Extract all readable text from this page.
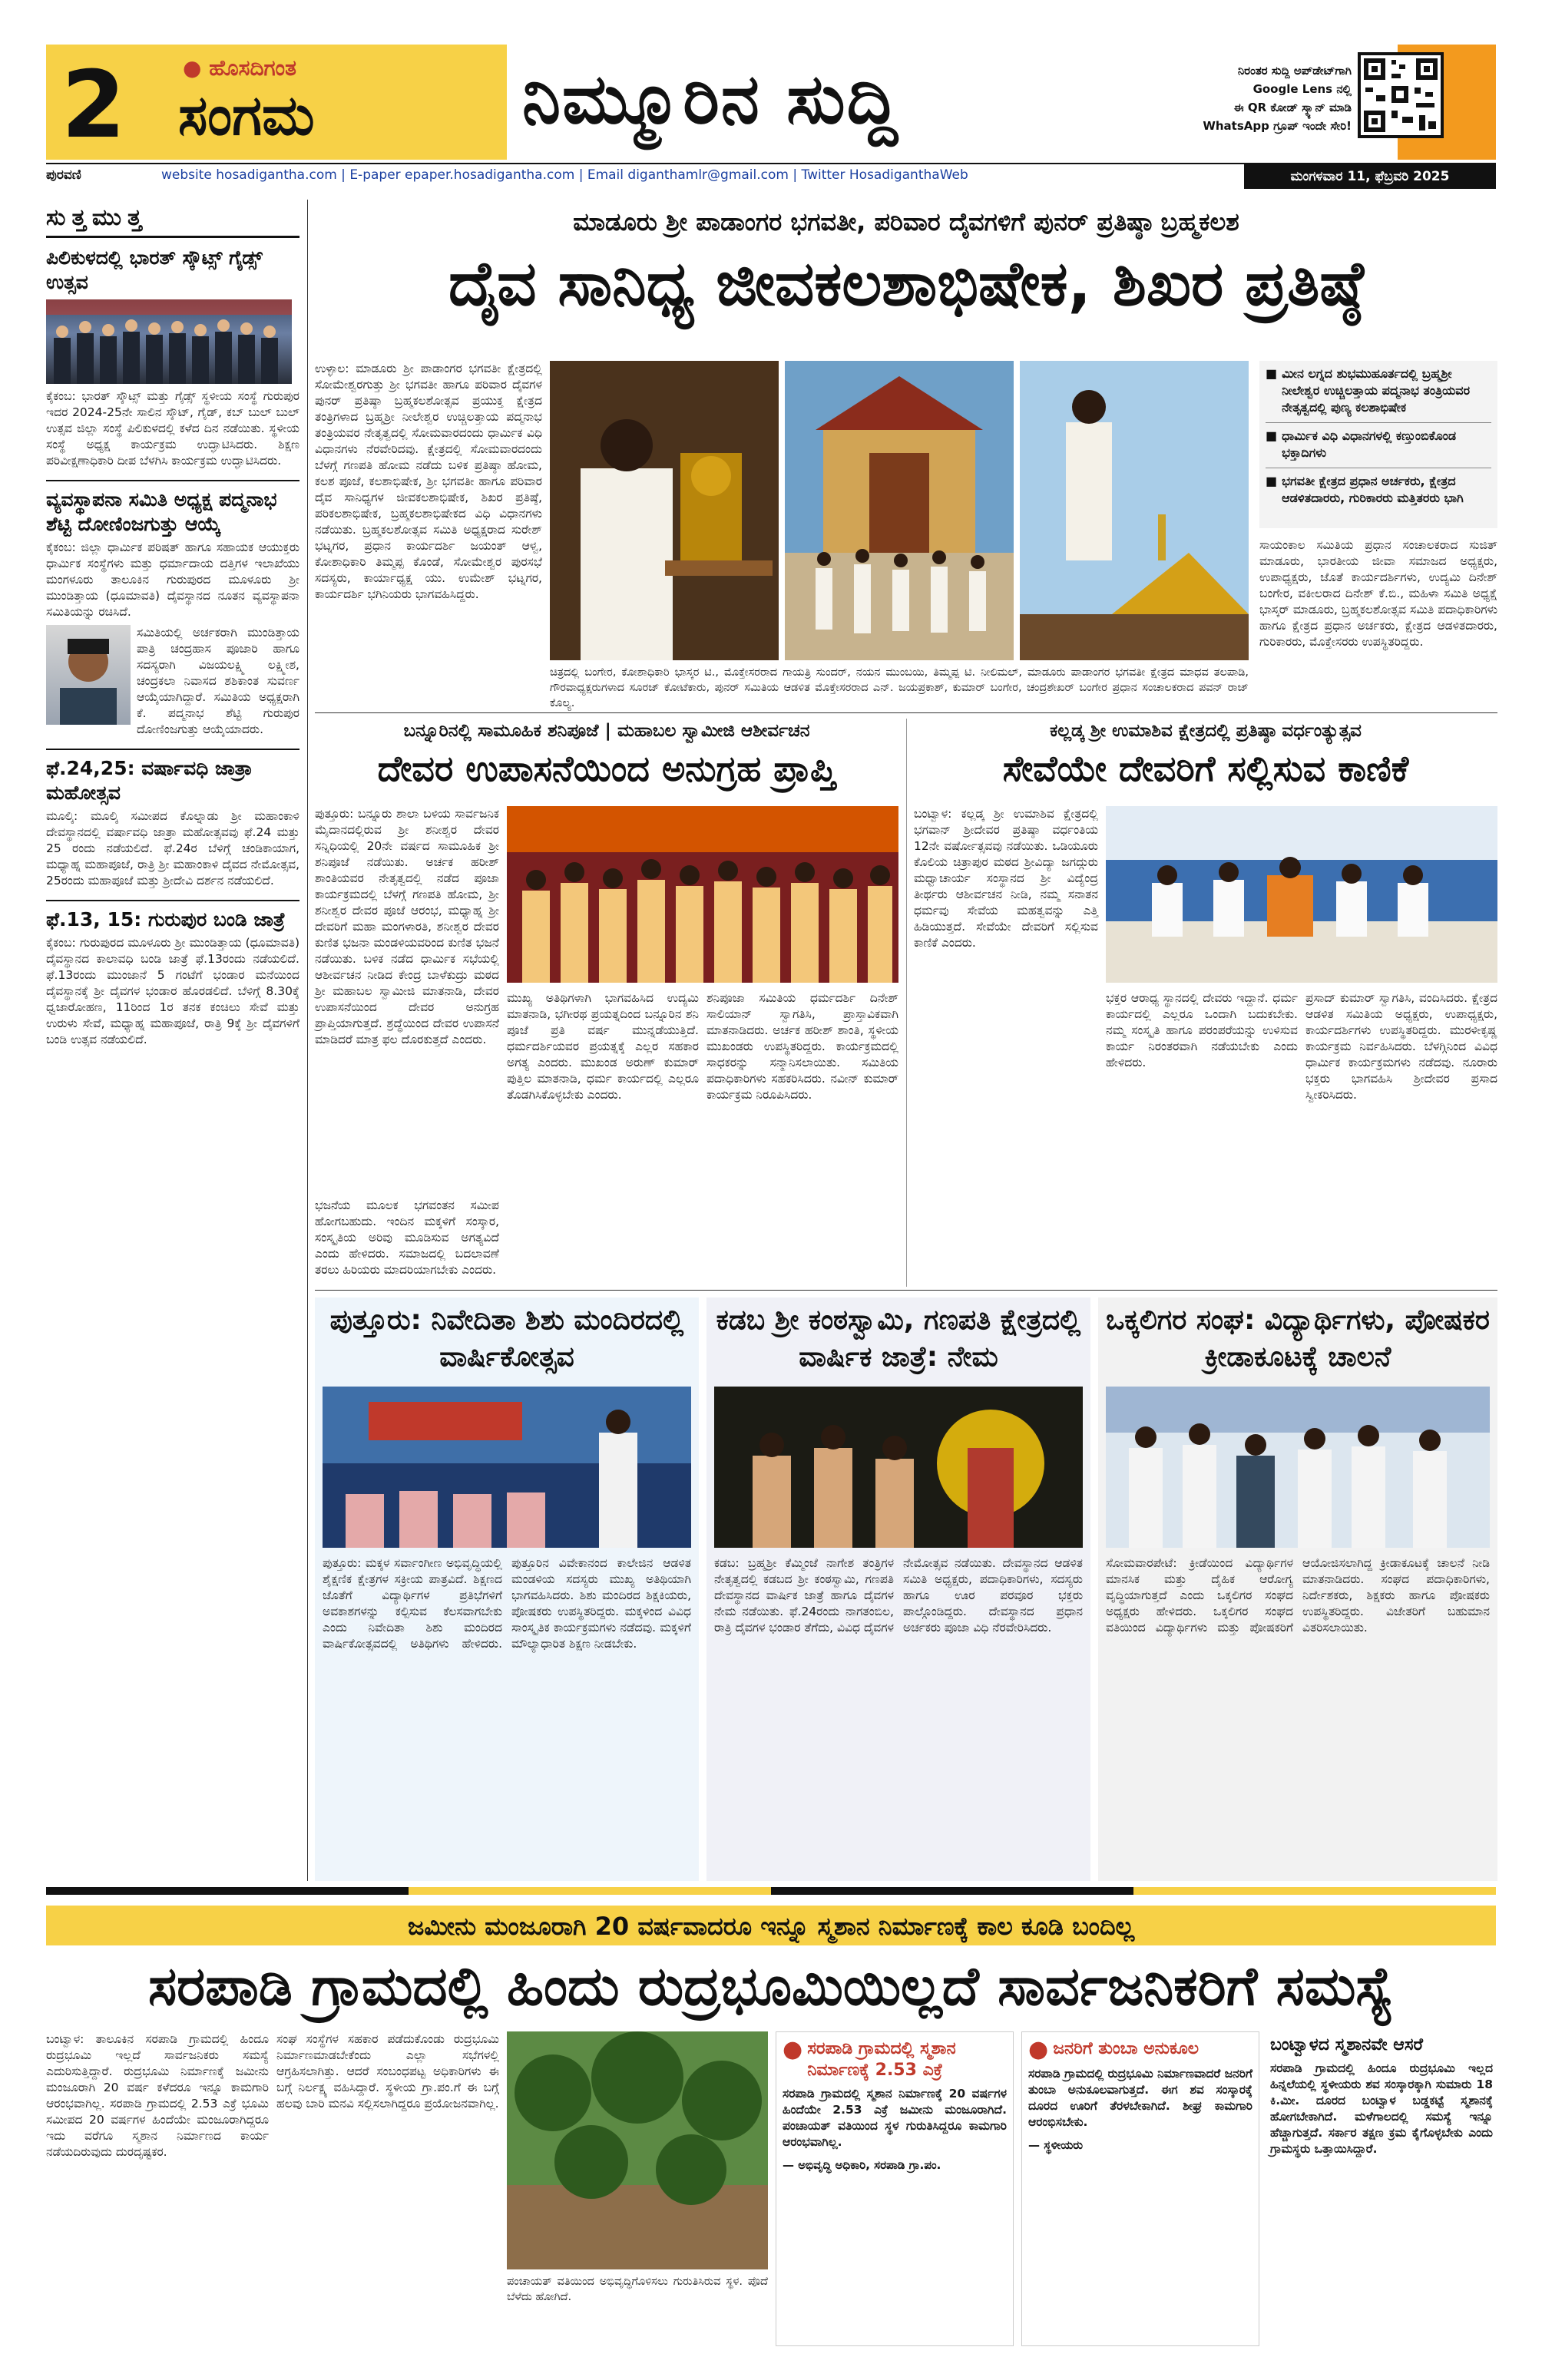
2	● ಹೊಸದಿಗಂತ
ಸಂಗಮ	ನಿಮ್ಮೂರಿನ ಸುದ್ದಿ	ನಿರಂತರ ಸುದ್ದಿ ಅಪ್‌ಡೇಟ್‌ಗಾಗಿ
Google Lens ನಲ್ಲಿ
ಈ QR ಕೋಡ್ ಸ್ಕ್ಯಾನ್ ಮಾಡಿ
WhatsApp ಗ್ರೂಪ್ ಇಂದೇ ಸೇರಿ!
ಪುರವಣಿ	website hosadigantha.com | E-paper epaper.hosadigantha.com | Email diganthamlr@gmail.com | Twitter HosadiganthaWeb	ಮಂಗಳವಾರ 11, ಫೆಬ್ರವರಿ 2025
ಸುತ್ತಮುತ್ತ
ಪಿಲಿಕುಳದಲ್ಲಿ ಭಾರತ್ ಸ್ಕೌಟ್ಸ್ ಗೈಡ್ಸ್ ಉತ್ಸವ
ಕೈಕಂಬ: ಭಾರತ್ ಸ್ಕೌಟ್ಸ್ ಮತ್ತು ಗೈಡ್ಸ್ ಸ್ಥಳೀಯ ಸಂಸ್ಥೆ ಗುರುಪುರ ಇದರ 2024-25ನೇ ಸಾಲಿನ ಸ್ಕೌಟ್, ಗೈಡ್, ಕಬ್ ಬುಲ್ ಬುಲ್ ಉತ್ಸವ ಜಿಲ್ಲಾ ಸಂಸ್ಥೆ ಪಿಲಿಕುಳದಲ್ಲಿ ಕಳೆದ ದಿನ ನಡೆಯಿತು. ಸ್ಥಳೀಯ ಸಂಸ್ಥೆ ಅಧ್ಯಕ್ಷ ಕಾರ್ಯಕ್ರಮ ಉದ್ಘಾಟಿಸಿದರು. ಶಿಕ್ಷಣ ಪರಿವೀಕ್ಷಣಾಧಿಕಾರಿ ದೀಪ ಬೆಳಗಿಸಿ ಕಾರ್ಯಕ್ರಮ ಉದ್ಘಾಟಿಸಿದರು.
ವ್ಯವಸ್ಥಾಪನಾ ಸಮಿತಿ ಅಧ್ಯಕ್ಷ ಪದ್ಮನಾಭ ಶೆಟ್ಟಿ ದೋಣಿಂಜಗುತ್ತು ಆಯ್ಕೆ
ಕೈಕಂಬ: ಜಿಲ್ಲಾ ಧಾರ್ಮಿಕ ಪರಿಷತ್ ಹಾಗೂ ಸಹಾಯಕ ಆಯುಕ್ತರು ಧಾರ್ಮಿಕ ಸಂಸ್ಥೆಗಳು ಮತ್ತು ಧರ್ಮಾದಾಯ ದತ್ತಿಗಳ ಇಲಾಖೆಯು ಮಂಗಳೂರು ತಾಲೂಕಿನ ಗುರುಪುರದ ಮೂಳೂರು ಶ್ರೀ ಮುಂಡಿತ್ತಾಯ (ಧೂಮಾವತಿ) ದೈವಸ್ಥಾನದ ನೂತನ ವ್ಯವಸ್ಥಾಪನಾ ಸಮಿತಿಯನ್ನು ರಚಿಸಿದೆ.
ಸಮಿತಿಯಲ್ಲಿ ಅರ್ಚಕರಾಗಿ ಮುಂಡಿತ್ತಾಯ ಪಾತ್ರಿ ಚಂದ್ರಹಾಸ ಪೂಜಾರಿ ಹಾಗೂ ಸದಸ್ಯರಾಗಿ ವಿಜಯಲಕ್ಷ್ಮಿ ಲಕ್ಷ್ಮೀಶ, ಚಂದ್ರಕಲಾ ನಿವಾಸದ ಶಶಿಕಾಂತ ಸುವರ್ಣ ಆಯ್ಕೆಯಾಗಿದ್ದಾರೆ. ಸಮಿತಿಯ ಅಧ್ಯಕ್ಷರಾಗಿ ಕೆ. ಪದ್ಮನಾಭ ಶೆಟ್ಟಿ ಗುರುಪುರ ದೋಣಿಂಜಗುತ್ತು ಆಯ್ಕೆಯಾದರು.
ಫೆ.24,25: ವರ್ಷಾವಧಿ ಜಾತ್ರಾ ಮಹೋತ್ಸವ
ಮೂಲ್ಕಿ: ಮೂಲ್ಕಿ ಸಮೀಪದ ಕೊಲ್ನಾಡು ಶ್ರೀ ಮಹಾಂಕಾಳಿ ದೇವಸ್ಥಾನದಲ್ಲಿ ವರ್ಷಾವಧಿ ಜಾತ್ರಾ ಮಹೋತ್ಸವವು ಫೆ.24 ಮತ್ತು 25 ರಂದು ನಡೆಯಲಿದೆ. ಫೆ.24ರ ಬೆಳಿಗ್ಗೆ ಚಂಡಿಕಾಯಾಗ, ಮಧ್ಯಾಹ್ನ ಮಹಾಪೂಜೆ, ರಾತ್ರಿ ಶ್ರೀ ಮಹಾಂಕಾಳಿ ದೈವದ ನೇಮೋತ್ಸವ, 25ರಂದು ಮಹಾಪೂಜೆ ಮತ್ತು ಶ್ರೀದೇವಿ ದರ್ಶನ ನಡೆಯಲಿದೆ.
ಫೆ.13, 15: ಗುರುಪುರ ಬಂಡಿ ಜಾತ್ರೆ
ಕೈಕಂಬ: ಗುರುಪುರದ ಮೂಳೂರು ಶ್ರೀ ಮುಂಡಿತ್ತಾಯ (ಧೂಮಾವತಿ) ದೈವಸ್ಥಾನದ ಕಾಲಾವಧಿ ಬಂಡಿ ಜಾತ್ರೆ ಫೆ.13ರಂದು ನಡೆಯಲಿದೆ. ಫೆ.13ರಂದು ಮುಂಜಾನೆ 5 ಗಂಟೆಗೆ ಭಂಡಾರ ಮನೆಯಿಂದ ದೈವಸ್ಥಾನಕ್ಕೆ ಶ್ರೀ ದೈವಗಳ ಭಂಡಾರ ಹೊರಡಲಿದೆ. ಬೆಳಿಗ್ಗೆ 8.30ಕ್ಕೆ ಧ್ವಜಾರೋಹಣ, 11ರಿಂದ 1ರ ತನಕ ಕಂಚಿಲು ಸೇವೆ ಮತ್ತು ಉರುಳು ಸೇವೆ, ಮಧ್ಯಾಹ್ನ ಮಹಾಪೂಜೆ, ರಾತ್ರಿ 9ಕ್ಕೆ ಶ್ರೀ ದೈವಗಳಿಗೆ ಬಂಡಿ ಉತ್ಸವ ನಡೆಯಲಿದೆ.
ಮಾಡೂರು ಶ್ರೀ ಪಾಡಾಂಗರ ಭಗವತೀ, ಪರಿವಾರ ದೈವಗಳಿಗೆ ಪುನರ್ ಪ್ರತಿಷ್ಠಾ ಬ್ರಹ್ಮಕಲಶ
ದೈವ ಸಾನಿಧ್ಯ ಜೀವಕಲಶಾಭಿಷೇಕ, ಶಿಖರ ಪ್ರತಿಷ್ಠೆ
ಉಳ್ಳಾಲ: ಮಾಡೂರು ಶ್ರೀ ಪಾಡಾಂಗರ ಭಗವತೀ ಕ್ಷೇತ್ರದಲ್ಲಿ ಸೋಮೇಶ್ವರಗುತ್ತು ಶ್ರೀ ಭಗವತೀ ಹಾಗೂ ಪರಿವಾರ ದೈವಗಳ ಪುನರ್ ಪ್ರತಿಷ್ಠಾ ಬ್ರಹ್ಮಕಲಶೋತ್ಸವ ಪ್ರಯುಕ್ತ ಕ್ಷೇತ್ರದ ತಂತ್ರಿಗಳಾದ ಬ್ರಹ್ಮಶ್ರೀ ನೀಲೇಶ್ವರ ಉಚ್ಚಿಲತ್ತಾಯ ಪದ್ಮನಾಭ ತಂತ್ರಿಯವರ ನೇತೃತ್ವದಲ್ಲಿ ಸೋಮವಾರದಂದು ಧಾರ್ಮಿಕ ವಿಧಿ ವಿಧಾನಗಳು ನೆರವೇರಿದವು. ಕ್ಷೇತ್ರದಲ್ಲಿ ಸೋಮವಾರದಂದು ಬೆಳಗ್ಗೆ ಗಣಪತಿ ಹೋಮ ನಡೆದು ಬಳಿಕ ಪ್ರತಿಷ್ಠಾ ಹೋಮ, ಕಲಶ ಪೂಜೆ, ಕಲಶಾಭಿಷೇಕ, ಶ್ರೀ ಭಗವತೀ ಹಾಗೂ ಪರಿವಾರ ದೈವ ಸಾನಿಧ್ಯಗಳ ಜೀವಕಲಶಾಭಿಷೇಕ, ಶಿಖರ ಪ್ರತಿಷ್ಠೆ, ಪರಿಕಲಶಾಭಿಷೇಕ, ಬ್ರಹ್ಮಕಲಶಾಭಿಷೇಕದ ವಿಧಿ ವಿಧಾನಗಳು ನಡೆಯಿತು. ಬ್ರಹ್ಮಕಲಶೋತ್ಸವ ಸಮಿತಿ ಅಧ್ಯಕ್ಷರಾದ ಸುರೇಶ್ ಭಟ್ನಗರ, ಪ್ರಧಾನ ಕಾರ್ಯದರ್ಶಿ ಜಯಂತ್ ಆಳ್ವ, ಕೋಶಾಧಿಕಾರಿ ತಿಮ್ಮಪ್ಪ ಕೊಂಡೆ, ಸೋಮೇಶ್ವರ ಪುರಸಭೆ ಸದಸ್ಯರು, ಕಾರ್ಯಾಧ್ಯಕ್ಷ ಯು. ಉಮೇಶ್ ಭಟ್ನಗರ, ಕಾರ್ಯದರ್ಶಿ ಭಗಿನಿಯರು ಭಾಗವಹಿಸಿದ್ದರು.
ಚಿತ್ರದಲ್ಲಿ ಬಂಗೇರ, ಕೋಶಾಧಿಕಾರಿ ಭಾಸ್ಕರ ಟಿ., ಮೊಕ್ತೇಸರರಾದ ಗಾಯತ್ರಿ ಸುಂದರ್, ನಯನ ಮುಂಬಯಿ, ತಿಮ್ಮಪ್ಪ ಟಿ. ನೀಲಿಮಲ್, ಮಾಡೂರು ಪಾಡಾಂಗರ ಭಗವತೀ ಕ್ಷೇತ್ರದ ಮಾಧವ ತಲಪಾಡಿ, ಗೌರವಾಧ್ಯಕ್ಷರುಗಳಾದ ಸೂರಜ್ ಕೋಟೆಕಾರು, ಪುನರ್ ಸಮಿತಿಯ ಆಡಳಿತ ಮೊಕ್ತೇಸರರಾದ ಎನ್. ಜಯಪ್ರಕಾಶ್, ಕುಮಾರ್ ಬಂಗೇರ, ಚಂದ್ರಶೇಖರ್ ಬಂಗೇರ ಪ್ರಧಾನ ಸಂಚಾಲಕರಾದ ಪವನ್ ರಾಜ್ ಕೊಲ್ಯ.
■ ಮೀನ ಲಗ್ನದ ಶುಭಮುಹೂರ್ತದಲ್ಲಿ ಬ್ರಹ್ಮಶ್ರೀ ನೀಲೇಶ್ವರ ಉಚ್ಚಿಲತ್ತಾಯ ಪದ್ಮನಾಭ ತಂತ್ರಿಯವರ ನೇತೃತ್ವದಲ್ಲಿ ಪುಣ್ಯ ಕಲಶಾಭಿಷೇಕ
■ ಧಾರ್ಮಿಕ ವಿಧಿ ವಿಧಾನಗಳಲ್ಲಿ ಕಣ್ತುಂಬಿಕೊಂಡ ಭಕ್ತಾದಿಗಳು
■ ಭಗವತೀ ಕ್ಷೇತ್ರದ ಪ್ರಧಾನ ಅರ್ಚಕರು, ಕ್ಷೇತ್ರದ ಆಡಳಿತದಾರರು, ಗುರಿಕಾರರು ಮತ್ತಿತರರು ಭಾಗಿ
ಸಾಯಂಕಾಲ ಸಮಿತಿಯ ಪ್ರಧಾನ ಸಂಚಾಲಕರಾದ ಸುಜಿತ್ ಮಾಡೂರು, ಭಾರತೀಯ ಜೀವಾ ಸಮಾಜದ ಅಧ್ಯಕ್ಷರು, ಉಪಾಧ್ಯಕ್ಷರು, ಜೊತೆ ಕಾರ್ಯದರ್ಶಿಗಳು, ಉದ್ಯಮಿ ದಿನೇಶ್ ಬಂಗೇರ, ವಕೀಲರಾದ ದಿನೇಶ್ ಕೆ.ಬಿ., ಮಹಿಳಾ ಸಮಿತಿ ಅಧ್ಯಕ್ಷೆ ಭಾಸ್ಕರ್ ಮಾಡೂರು, ಬ್ರಹ್ಮಕಲಶೋತ್ಸವ ಸಮಿತಿ ಪದಾಧಿಕಾರಿಗಳು ಹಾಗೂ ಕ್ಷೇತ್ರದ ಪ್ರಧಾನ ಅರ್ಚಕರು, ಕ್ಷೇತ್ರದ ಆಡಳಿತದಾರರು, ಗುರಿಕಾರರು, ಮೊಕ್ತೇಸರರು ಉಪಸ್ಥಿತರಿದ್ದರು.
ಬನ್ನೂರಿನಲ್ಲಿ ಸಾಮೂಹಿಕ ಶನಿಪೂಜೆ | ಮಹಾಬಲ ಸ್ವಾಮೀಜಿ ಆಶೀರ್ವಚನ
ದೇವರ ಉಪಾಸನೆಯಿಂದ ಅನುಗ್ರಹ ಪ್ರಾಪ್ತಿ
ಪುತ್ತೂರು: ಬನ್ನೂರು ಶಾಲಾ ಬಳಿಯ ಸಾರ್ವಜನಿಕ ಮೈದಾನದಲ್ಲಿರುವ ಶ್ರೀ ಶನೀಶ್ವರ ದೇವರ ಸನ್ನಿಧಿಯಲ್ಲಿ 20ನೇ ವರ್ಷದ ಸಾಮೂಹಿಕ ಶ್ರೀ ಶನಿಪೂಜೆ ನಡೆಯಿತು. ಅರ್ಚಕ ಹರೀಶ್ ಶಾಂತಿಯವರ ನೇತೃತ್ವದಲ್ಲಿ ನಡೆದ ಪೂಜಾ ಕಾರ್ಯಕ್ರಮದಲ್ಲಿ ಬೆಳಗ್ಗೆ ಗಣಪತಿ ಹೋಮ, ಶ್ರೀ ಶನೀಶ್ವರ ದೇವರ ಪೂಜೆ ಆರಂಭ, ಮಧ್ಯಾಹ್ನ ಶ್ರೀ ದೇವರಿಗೆ ಮಹಾ ಮಂಗಳಾರತಿ, ಶನೀಶ್ವರ ದೇವರ ಕುಣಿತ ಭಜನಾ ಮಂಡಳಿಯವರಿಂದ ಕುಣಿತ ಭಜನೆ ನಡೆಯಿತು. ಬಳಿಕ ನಡೆದ ಧಾರ್ಮಿಕ ಸಭೆಯಲ್ಲಿ ಆಶೀರ್ವಚನ ನೀಡಿದ ಕೇಂದ್ರ ಬಾಳೆಕುದ್ರು ಮಠದ ಶ್ರೀ ಮಹಾಬಲ ಸ್ವಾಮೀಜಿ ಮಾತನಾಡಿ, ದೇವರ ಉಪಾಸನೆಯಿಂದ ದೇವರ ಅನುಗ್ರಹ ಪ್ರಾಪ್ತಿಯಾಗುತ್ತದೆ. ಶ್ರದ್ಧೆಯಿಂದ ದೇವರ ಉಪಾಸನೆ ಮಾಡಿದರೆ ಮಾತ್ರ ಫಲ ದೊರಕುತ್ತದೆ ಎಂದರು.
ಭಜನೆಯ ಮೂಲಕ ಭಗವಂತನ ಸಮೀಪ ಹೋಗಬಹುದು. ಇಂದಿನ ಮಕ್ಕಳಿಗೆ ಸಂಸ್ಕಾರ, ಸಂಸ್ಕೃತಿಯ ಅರಿವು ಮೂಡಿಸುವ ಅಗತ್ಯವಿದೆ ಎಂದು ಹೇಳಿದರು. ಸಮಾಜದಲ್ಲಿ ಬದಲಾವಣೆ ತರಲು ಹಿರಿಯರು ಮಾದರಿಯಾಗಬೇಕು ಎಂದರು.
ಮುಖ್ಯ ಅತಿಥಿಗಳಾಗಿ ಭಾಗವಹಿಸಿದ ಉದ್ಯಮಿ ಮಾತನಾಡಿ, ಭಗೀರಥ ಪ್ರಯತ್ನದಿಂದ ಬನ್ನೂರಿನ ಶನಿ ಪೂಜೆ ಪ್ರತಿ ವರ್ಷ ಮುನ್ನಡೆಯುತ್ತಿದೆ. ಧರ್ಮದರ್ಶಿಯವರ ಪ್ರಯತ್ನಕ್ಕೆ ಎಲ್ಲರ ಸಹಕಾರ ಅಗತ್ಯ ಎಂದರು. ಮುಖಂಡ ಅರುಣ್ ಕುಮಾರ್ ಪುತ್ತಿಲ ಮಾತನಾಡಿ, ಧರ್ಮ ಕಾರ್ಯದಲ್ಲಿ ಎಲ್ಲರೂ ತೊಡಗಿಸಿಕೊಳ್ಳಬೇಕು ಎಂದರು.
ಶನಿಪೂಜಾ ಸಮಿತಿಯ ಧರ್ಮದರ್ಶಿ ದಿನೇಶ್ ಸಾಲಿಯಾನ್ ಸ್ವಾಗತಿಸಿ, ಪ್ರಾಸ್ತಾವಿಕವಾಗಿ ಮಾತನಾಡಿದರು. ಅರ್ಚಕ ಹರೀಶ್ ಶಾಂತಿ, ಸ್ಥಳೀಯ ಮುಖಂಡರು ಉಪಸ್ಥಿತರಿದ್ದರು. ಕಾರ್ಯಕ್ರಮದಲ್ಲಿ ಸಾಧಕರನ್ನು ಸನ್ಮಾನಿಸಲಾಯಿತು. ಸಮಿತಿಯ ಪದಾಧಿಕಾರಿಗಳು ಸಹಕರಿಸಿದರು. ನವೀನ್ ಕುಮಾರ್ ಕಾರ್ಯಕ್ರಮ ನಿರೂಪಿಸಿದರು.
ಕಲ್ಲಡ್ಕ ಶ್ರೀ ಉಮಾಶಿವ ಕ್ಷೇತ್ರದಲ್ಲಿ ಪ್ರತಿಷ್ಠಾ ವರ್ಧಂತ್ಯುತ್ಸವ
ಸೇವೆಯೇ ದೇವರಿಗೆ ಸಲ್ಲಿಸುವ ಕಾಣಿಕೆ
ಬಂಟ್ವಾಳ: ಕಲ್ಲಡ್ಕ ಶ್ರೀ ಉಮಾಶಿವ ಕ್ಷೇತ್ರದಲ್ಲಿ ಭಗವಾನ್ ಶ್ರೀದೇವರ ಪ್ರತಿಷ್ಠಾ ವರ್ಧಂತಿಯ 12ನೇ ವರ್ಷೋತ್ಸವವು ನಡೆಯಿತು. ಒಡಿಯೂರು ಕೊಲಿಯ ಚಿತ್ರಾಪುರ ಮಠದ ಶ್ರೀವಿದ್ಯಾ ಜಗದ್ಗುರು ಮಧ್ವಾಚಾರ್ಯ ಸಂಸ್ಥಾನದ ಶ್ರೀ ವಿದ್ಯೆಂದ್ರ ತೀರ್ಥರು ಆಶೀರ್ವಚನ ನೀಡಿ, ನಮ್ಮ ಸನಾತನ ಧರ್ಮವು ಸೇವೆಯ ಮಹತ್ವವನ್ನು ಎತ್ತಿ ಹಿಡಿಯುತ್ತದೆ. ಸೇವೆಯೇ ದೇವರಿಗೆ ಸಲ್ಲಿಸುವ ಕಾಣಿಕೆ ಎಂದರು.
ಭಕ್ತರ ಆರಾಧ್ಯ ಸ್ಥಾನದಲ್ಲಿ ದೇವರು ಇದ್ದಾನೆ. ಧರ್ಮ ಕಾರ್ಯದಲ್ಲಿ ಎಲ್ಲರೂ ಒಂದಾಗಿ ಬದುಕಬೇಕು. ನಮ್ಮ ಸಂಸ್ಕೃತಿ ಹಾಗೂ ಪರಂಪರೆಯನ್ನು ಉಳಿಸುವ ಕಾರ್ಯ ನಿರಂತರವಾಗಿ ನಡೆಯಬೇಕು ಎಂದು ಹೇಳಿದರು.
ಪ್ರಸಾದ್ ಕುಮಾರ್ ಸ್ವಾಗತಿಸಿ, ವಂದಿಸಿದರು. ಕ್ಷೇತ್ರದ ಆಡಳಿತ ಸಮಿತಿಯ ಅಧ್ಯಕ್ಷರು, ಉಪಾಧ್ಯಕ್ಷರು, ಕಾರ್ಯದರ್ಶಿಗಳು ಉಪಸ್ಥಿತರಿದ್ದರು. ಮುರಳೀಕೃಷ್ಣ ಕಾರ್ಯಕ್ರಮ ನಿರ್ವಹಿಸಿದರು. ಬೆಳಗ್ಗಿನಿಂದ ವಿವಿಧ ಧಾರ್ಮಿಕ ಕಾರ್ಯಕ್ರಮಗಳು ನಡೆದವು. ನೂರಾರು ಭಕ್ತರು ಭಾಗವಹಿಸಿ ಶ್ರೀದೇವರ ಪ್ರಸಾದ ಸ್ವೀಕರಿಸಿದರು.
ಪುತ್ತೂರು: ನಿವೇದಿತಾ ಶಿಶು ಮಂದಿರದಲ್ಲಿ ವಾರ್ಷಿಕೋತ್ಸವ
ಪುತ್ತೂರು: ಮಕ್ಕಳ ಸರ್ವಾಂಗೀಣ ಅಭಿವೃದ್ಧಿಯಲ್ಲಿ ಶೈಕ್ಷಣಿಕ ಕ್ಷೇತ್ರಗಳ ಸಕ್ರೀಯ ಪಾತ್ರವಿದೆ. ಶಿಕ್ಷಣದ ಜೊತೆಗೆ ವಿದ್ಯಾರ್ಥಿಗಳ ಪ್ರತಿಭೆಗಳಿಗೆ ಅವಕಾಶಗಳನ್ನು ಕಲ್ಪಿಸುವ ಕೆಲಸವಾಗಬೇಕು ಎಂದು ನಿವೇದಿತಾ ಶಿಶು ಮಂದಿರದ ವಾರ್ಷಿಕೋತ್ಸವದಲ್ಲಿ ಅತಿಥಿಗಳು ಹೇಳಿದರು. ಪುತ್ತೂರಿನ ವಿವೇಕಾನಂದ ಕಾಲೇಜಿನ ಆಡಳಿತ ಮಂಡಳಿಯ ಸದಸ್ಯರು ಮುಖ್ಯ ಅತಿಥಿಯಾಗಿ ಭಾಗವಹಿಸಿದರು. ಶಿಶು ಮಂದಿರದ ಶಿಕ್ಷಕಿಯರು, ಪೋಷಕರು ಉಪಸ್ಥಿತರಿದ್ದರು. ಮಕ್ಕಳಿಂದ ವಿವಿಧ ಸಾಂಸ್ಕೃತಿಕ ಕಾರ್ಯಕ್ರಮಗಳು ನಡೆದವು. ಮಕ್ಕಳಿಗೆ ಮೌಲ್ಯಾಧಾರಿತ ಶಿಕ್ಷಣ ನೀಡಬೇಕು.
ಕಡಬ ಶ್ರೀ ಕಂಠಸ್ವಾಮಿ, ಗಣಪತಿ ಕ್ಷೇತ್ರದಲ್ಲಿ ವಾರ್ಷಿಕ ಜಾತ್ರೆ: ನೇಮ
ಕಡಬ: ಬ್ರಹ್ಮಶ್ರೀ ಕೆಮ್ಮಿಂಜೆ ನಾಗೇಶ ತಂತ್ರಿಗಳ ನೇತೃತ್ವದಲ್ಲಿ ಕಡಬದ ಶ್ರೀ ಕಂಠಸ್ವಾಮಿ, ಗಣಪತಿ ದೇವಸ್ಥಾನದ ವಾರ್ಷಿಕ ಜಾತ್ರೆ ಹಾಗೂ ದೈವಗಳ ನೇಮ ನಡೆಯಿತು. ಫೆ.24ರಂದು ನಾಗತಂಬಿಲ, ರಾತ್ರಿ ದೈವಗಳ ಭಂಡಾರ ತೆಗೆದು, ವಿವಿಧ ದೈವಗಳ ನೇಮೋತ್ಸವ ನಡೆಯಿತು. ದೇವಸ್ಥಾನದ ಆಡಳಿತ ಸಮಿತಿ ಅಧ್ಯಕ್ಷರು, ಪದಾಧಿಕಾರಿಗಳು, ಸದಸ್ಯರು ಹಾಗೂ ಊರ ಪರವೂರ ಭಕ್ತರು ಪಾಲ್ಗೊಂಡಿದ್ದರು. ದೇವಸ್ಥಾನದ ಪ್ರಧಾನ ಅರ್ಚಕರು ಪೂಜಾ ವಿಧಿ ನೆರವೇರಿಸಿದರು.
ಒಕ್ಕಲಿಗರ ಸಂಘ: ವಿದ್ಯಾರ್ಥಿಗಳು, ಪೋಷಕರ ಕ್ರೀಡಾಕೂಟಕ್ಕೆ ಚಾಲನೆ
ಸೋಮವಾರಪೇಟೆ: ಕ್ರೀಡೆಯಿಂದ ವಿದ್ಯಾರ್ಥಿಗಳ ಮಾನಸಿಕ ಮತ್ತು ದೈಹಿಕ ಆರೋಗ್ಯ ವೃದ್ಧಿಯಾಗುತ್ತದೆ ಎಂದು ಒಕ್ಕಲಿಗರ ಸಂಘದ ಅಧ್ಯಕ್ಷರು ಹೇಳಿದರು. ಒಕ್ಕಲಿಗರ ಸಂಘದ ವತಿಯಿಂದ ವಿದ್ಯಾರ್ಥಿಗಳು ಮತ್ತು ಪೋಷಕರಿಗೆ ಆಯೋಜಿಸಲಾಗಿದ್ದ ಕ್ರೀಡಾಕೂಟಕ್ಕೆ ಚಾಲನೆ ನೀಡಿ ಮಾತನಾಡಿದರು. ಸಂಘದ ಪದಾಧಿಕಾರಿಗಳು, ನಿರ್ದೇಶಕರು, ಶಿಕ್ಷಕರು ಹಾಗೂ ಪೋಷಕರು ಉಪಸ್ಥಿತರಿದ್ದರು. ವಿಜೇತರಿಗೆ ಬಹುಮಾನ ವಿತರಿಸಲಾಯಿತು.
ಜಮೀನು ಮಂಜೂರಾಗಿ 20 ವರ್ಷವಾದರೂ ಇನ್ನೂ ಸ್ಮಶಾನ ನಿರ್ಮಾಣಕ್ಕೆ ಕಾಲ ಕೂಡಿ ಬಂದಿಲ್ಲ
ಸರಪಾಡಿ ಗ್ರಾಮದಲ್ಲಿ ಹಿಂದು ರುದ್ರಭೂಮಿಯಿಲ್ಲದೆ ಸಾರ್ವಜನಿಕರಿಗೆ ಸಮಸ್ಯೆ
ಬಂಟ್ವಾಳ: ತಾಲೂಕಿನ ಸರಪಾಡಿ ಗ್ರಾಮದಲ್ಲಿ ಹಿಂದೂ ರುದ್ರಭೂಮಿ ಇಲ್ಲದೆ ಸಾರ್ವಜನಿಕರು ಸಮಸ್ಯೆ ಎದುರಿಸುತ್ತಿದ್ದಾರೆ. ರುದ್ರಭೂಮಿ ನಿರ್ಮಾಣಕ್ಕೆ ಜಮೀನು ಮಂಜೂರಾಗಿ 20 ವರ್ಷ ಕಳೆದರೂ ಇನ್ನೂ ಕಾಮಗಾರಿ ಆರಂಭವಾಗಿಲ್ಲ. ಸರಪಾಡಿ ಗ್ರಾಮದಲ್ಲಿ 2.53 ಎಕ್ರೆ ಭೂಮಿ ಸಮೀಪದ 20 ವರ್ಷಗಳ ಹಿಂದೆಯೇ ಮಂಜೂರಾಗಿದ್ದರೂ ಇದು ವರೆಗೂ ಸ್ಮಶಾನ ನಿರ್ಮಾಣದ ಕಾರ್ಯ ನಡೆಯದಿರುವುದು ದುರದೃಷ್ಟಕರ.
ಸಂಘ ಸಂಸ್ಥೆಗಳ ಸಹಕಾರ ಪಡೆದುಕೊಂಡು ರುದ್ರಭೂಮಿ ನಿರ್ಮಾಣಮಾಡಬೇಕೆಂದು ಎಲ್ಲಾ ಸಭೆಗಳಲ್ಲಿ ಆಗ್ರಹಿಸಲಾಗಿತ್ತು. ಆದರೆ ಸಂಬಂಧಪಟ್ಟ ಅಧಿಕಾರಿಗಳು ಈ ಬಗ್ಗೆ ನಿರ್ಲಕ್ಷ್ಯ ವಹಿಸಿದ್ದಾರೆ. ಸ್ಥಳೀಯ ಗ್ರಾ.ಪಂ.ಗೆ ಈ ಬಗ್ಗೆ ಹಲವು ಬಾರಿ ಮನವಿ ಸಲ್ಲಿಸಲಾಗಿದ್ದರೂ ಪ್ರಯೋಜನವಾಗಿಲ್ಲ.
ಪಂಚಾಯತ್ ವತಿಯಿಂದ ಅಭಿವೃದ್ಧಿಗೊಳಿಸಲು ಗುರುತಿಸಿರುವ ಸ್ಥಳ. ಪೊದೆ ಬೆಳೆದು ಹೋಗಿದೆ.
● ಸರಪಾಡಿ ಗ್ರಾಮದಲ್ಲಿ ಸ್ಮಶಾನ ನಿರ್ಮಾಣಕ್ಕೆ 2.53 ಎಕ್ರೆ
ಸರಪಾಡಿ ಗ್ರಾಮದಲ್ಲಿ ಸ್ಮಶಾನ ನಿರ್ಮಾಣಕ್ಕೆ 20 ವರ್ಷಗಳ ಹಿಂದೆಯೇ 2.53 ಎಕ್ರೆ ಜಮೀನು ಮಂಜೂರಾಗಿದೆ. ಪಂಚಾಯತ್ ವತಿಯಿಂದ ಸ್ಥಳ ಗುರುತಿಸಿದ್ದರೂ ಕಾಮಗಾರಿ ಆರಂಭವಾಗಿಲ್ಲ.
— ಅಭಿವೃದ್ಧಿ ಅಧಿಕಾರಿ, ಸರಪಾಡಿ ಗ್ರಾ.ಪಂ.
● ಜನರಿಗೆ ತುಂಬಾ ಅನುಕೂಲ
ಸರಪಾಡಿ ಗ್ರಾಮದಲ್ಲಿ ರುದ್ರಭೂಮಿ ನಿರ್ಮಾಣವಾದರೆ ಜನರಿಗೆ ತುಂಬಾ ಅನುಕೂಲವಾಗುತ್ತದೆ. ಈಗ ಶವ ಸಂಸ್ಕಾರಕ್ಕೆ ದೂರದ ಊರಿಗೆ ತೆರಳಬೇಕಾಗಿದೆ. ಶೀಘ್ರ ಕಾಮಗಾರಿ ಆರಂಭಿಸಬೇಕು.
— ಸ್ಥಳೀಯರು
ಬಂಟ್ವಾಳದ ಸ್ಮಶಾನವೇ ಆಸರೆ
ಸರಪಾಡಿ ಗ್ರಾಮದಲ್ಲಿ ಹಿಂದೂ ರುದ್ರಭೂಮಿ ಇಲ್ಲದ ಹಿನ್ನಲೆಯಲ್ಲಿ ಸ್ಥಳೀಯರು ಶವ ಸಂಸ್ಕಾರಕ್ಕಾಗಿ ಸುಮಾರು 18 ಕಿ.ಮೀ. ದೂರದ ಬಂಟ್ವಾಳ ಬಡ್ಡಕಟ್ಟೆ ಸ್ಮಶಾನಕ್ಕೆ ಹೋಗಬೇಕಾಗಿದೆ. ಮಳೆಗಾಲದಲ್ಲಿ ಸಮಸ್ಯೆ ಇನ್ನೂ ಹೆಚ್ಚಾಗುತ್ತದೆ. ಸರ್ಕಾರ ತಕ್ಷಣ ಕ್ರಮ ಕೈಗೊಳ್ಳಬೇಕು ಎಂದು ಗ್ರಾಮಸ್ಥರು ಒತ್ತಾಯಿಸಿದ್ದಾರೆ.
